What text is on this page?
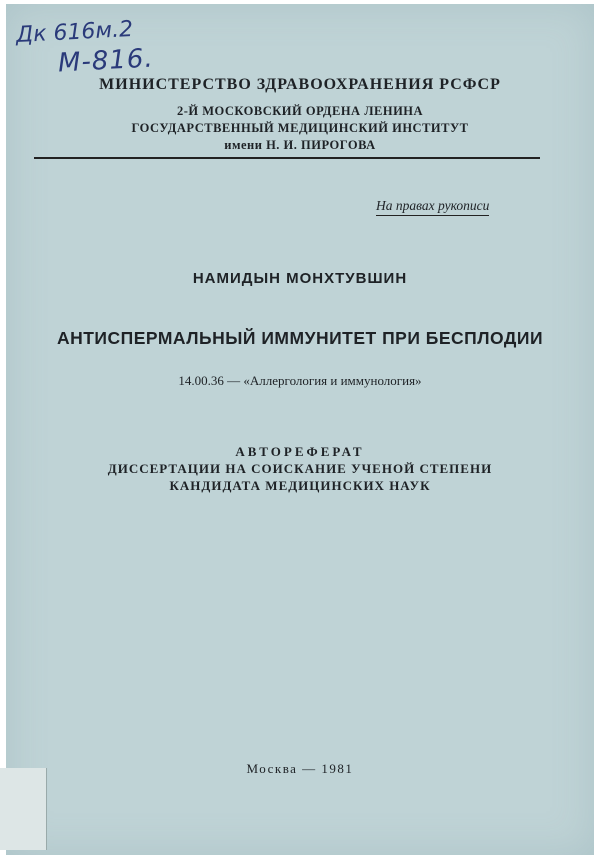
Дк 616м.2
М-816.
МИНИСТЕРСТВО ЗДРАВООХРАНЕНИЯ РСФСР
2-Й МОСКОВСКИЙ ОРДЕНА ЛЕНИНА
ГОСУДАРСТВЕННЫЙ МЕДИЦИНСКИЙ ИНСТИТУТ
имени Н. И. ПИРОГОВА
На правах рукописи
НАМИДЫН МОНХТУВШИН
АНТИСПЕРМАЛЬНЫЙ ИММУНИТЕТ ПРИ БЕСПЛОДИИ
14.00.36 — «Аллергология и иммунология»
АВТОРЕФЕРАТ
ДИССЕРТАЦИИ НА СОИСКАНИЕ УЧЕНОЙ СТЕПЕНИ
КАНДИДАТА МЕДИЦИНСКИХ НАУК
Москва — 1981
